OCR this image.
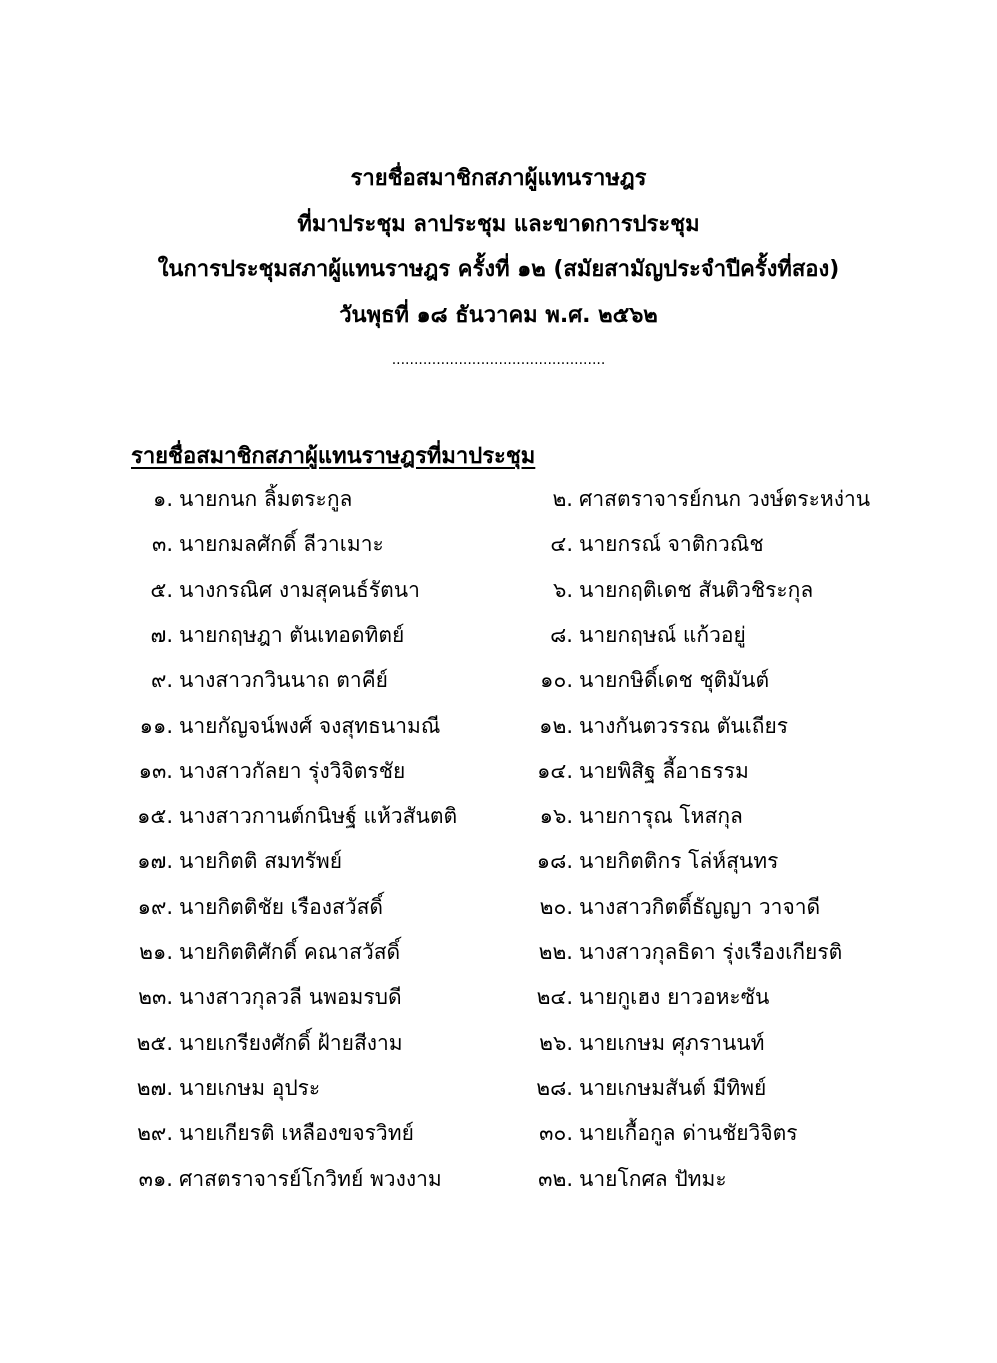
รายชื่อสมาชิกสภาผู้แทนราษฎร
ที่มาประชุม ลาประชุม และขาดการประชุม
ในการประชุมสภาผู้แทนราษฎร ครั้งที่ ๑๒ (สมัยสามัญประจำปีครั้งที่สอง)
วันพุธที่ ๑๘ ธันวาคม พ.ศ. ๒๕๖๒
................................................
รายชื่อสมาชิกสภาผู้แทนราษฎรที่มาประชุม
๑. นายกนก ลิ้มตระกูล	๒. ศาสตราจารย์กนก วงษ์ตระหง่าน
๓. นายกมลศักดิ์ ลีวาเมาะ	๔. นายกรณ์ จาติกวณิช
๕. นางกรณิศ งามสุคนธ์รัตนา	๖. นายกฤติเดช สันติวชิระกุล
๗. นายกฤษฎา ตันเทอดทิตย์	๘. นายกฤษณ์ แก้วอยู่
๙. นางสาวกวินนาถ ตาคีย์	๑๐. นายกษิดิ์เดช ชุติมันต์
๑๑. นายกัญจน์พงศ์ จงสุทธนามณี	๑๒. นางกันตวรรณ ตันเถียร
๑๓. นางสาวกัลยา รุ่งวิจิตรชัย	๑๔. นายพิสิฐ ลี้อาธรรม
๑๕. นางสาวกานต์กนิษฐ์ แห้วสันตติ	๑๖. นายการุณ โหสกุล
๑๗. นายกิตติ สมทรัพย์	๑๘. นายกิตติกร โล่ห์สุนทร
๑๙. นายกิตติชัย เรืองสวัสดิ์	๒๐. นางสาวกิตติ์ธัญญา วาจาดี
๒๑. นายกิตติศักดิ์ คณาสวัสดิ์	๒๒. นางสาวกุลธิดา รุ่งเรืองเกียรติ
๒๓. นางสาวกุลวลี นพอมรบดี	๒๔. นายกูเฮง ยาวอหะซัน
๒๕. นายเกรียงศักดิ์ ฝ้ายสีงาม	๒๖. นายเกษม ศุภรานนท์
๒๗. นายเกษม อุประ	๒๘. นายเกษมสันต์ มีทิพย์
๒๙. นายเกียรติ เหลืองขจรวิทย์	๓๐. นายเกื้อกูล ด่านชัยวิจิตร
๓๑. ศาสตราจารย์โกวิทย์ พวงงาม	๓๒. นายโกศล ปัทมะ
